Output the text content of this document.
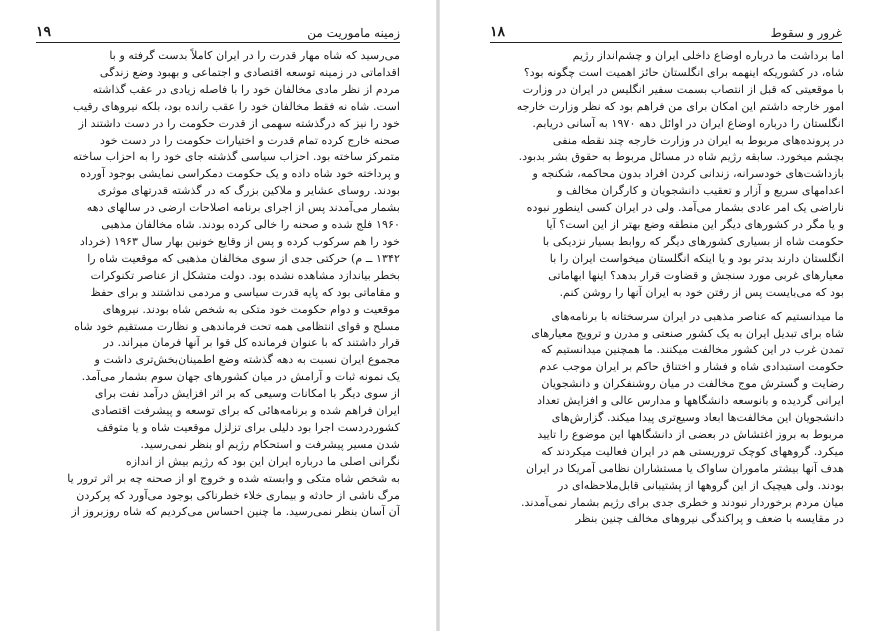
زمینه ماموریت من
۱۹
می‌رسید که شاه مهار قدرت را در ایران کاملاً بدست گرفته و با
اقداماتی در زمینه توسعه اقتصادی و اجتماعی و بهبود وضع زندگی
مردم از نظر مادی مخالفان خود را با فاصله زیادی در عقب گذاشته
است. شاه نه فقط مخالفان خود را عقب رانده بود، بلکه نیروهای رقیب
خود را نیز که درگذشته سهمی از قدرت حکومت را در دست داشتند از
صحنه خارج کرده تمام قدرت و اختیارات حکومت را در دست خود
متمرکز ساخته بود. احزاب سیاسی گذشته جای خود را به احزاب ساخته
و پرداخته خود شاه داده و یک حکومت دمکراسی نمایشی بوجود آورده
بودند. روسای عشایر و ملاکین بزرگ که در گذشته قدرتهای موثری
بشمار می‌آمدند پس از اجرای برنامه اصلاحات ارضی در سالهای دهه
۱۹۶۰ فلج شده و صحنه را خالی کرده بودند. شاه مخالفان مذهبی
خود را هم سرکوب کرده و پس از وقایع خونین بهار سال ۱۹۶۳ (خرداد
۱۳۴۲ ــ م) حرکتی جدی از سوی مخالفان مذهبی که موقعیت شاه را
بخطر بیاندازد مشاهده نشده بود. دولت متشکل از عناصر تکنوکرات
و مقاماتی بود که پایه قدرت سیاسی و مردمی نداشتند و برای حفظ
موقعیت و دوام حکومت خود متکی به شخص شاه بودند. نیروهای
مسلح و قوای انتظامی همه تحت فرماندهی و نظارت مستقیم خود شاه
قرار داشتند که با عنوان فرمانده کل قوا بر آنها فرمان میراند. در
مجموع ایران نسبت به دهه گذشته وضع اطمینان‌بخش‌تری داشت و
یک نمونه ثبات و آرامش در میان کشورهای جهان سوم بشمار می‌آمد.
از سوی دیگر با امکانات وسیعی که بر اثر افزایش درآمد نفت برای
ایران فراهم شده و برنامه‌هائی که برای توسعه و پیشرفت اقتصادی
کشوردردست اجرا بود دلیلی برای تزلزل موقعیت شاه و یا متوقف
شدن مسیر پیشرفت و استحکام رژیم او بنظر نمی‌رسید.
نگرانی اصلی ما درباره ایران این بود که رژیم بیش از اندازه
به شخص شاه متکی و وابسته شده و خروج او از صحنه چه بر اثر ترور یا
مرگ ناشی از حادثه و بیماری خلاء خطرناکی بوجود می‌آورد که پرکردن
آن آسان بنظر نمی‌رسید. ما چنین احساس می‌کردیم که شاه روزبروز از
غرور و سقوط
۱۸
اما برداشت ما درباره اوضاع داخلی ایران و چشم‌انداز رژیم
شاه، در کشوریکه اینهمه برای انگلستان حائز اهمیت است چگونه بود؟
با موقعیتی که قبل از انتصاب بسمت سفیر انگلیس در ایران در وزارت
امور خارجه داشتم این امکان برای من فراهم بود که نظر وزارت خارجه
انگلستان را درباره اوضاع ایران در اوائل دهه ۱۹۷۰ به آسانی دریابم.
در پرونده‌های مربوط به ایران در وزارت خارجه چند نقطه منفی
بچشم میخورد. سابقه رژیم شاه در مسائل مربوط به حقوق بشر بدبود.
بازداشت‌های خودسرانه، زندانی کردن افراد بدون محاکمه، شکنجه و
اعدامهای سریع و آزار و تعقیب دانشجویان و کارگران مخالف و
ناراضی یک امر عادی بشمار می‌آمد. ولی در ایران کسی اینطور نبوده
و یا مگر در کشورهای دیگر این منطقه وضع بهتر از این است؟ آیا
حکومت شاه از بسیاری کشورهای دیگر که روابط بسیار نزدیکی با
انگلستان دارند بدتر بود و یا اینکه انگلستان میخواست ایران را با
معیارهای غربی مورد سنجش و قضاوت قرار بدهد؟ اینها ابهاماتی
بود که می‌بایست پس از رفتن خود به ایران آنها را روشن کنم.
ما میدانستیم که عناصر مذهبی در ایران سرسختانه با برنامه‌های
شاه برای تبدیل ایران به یک کشور صنعتی و مدرن و ترویج معیارهای
تمدن غرب در این کشور مخالفت میکنند. ما همچنین میدانستیم که
حکومت استبدادی شاه و فشار و اختناق حاکم بر ایران موجب عدم
رضایت و گسترش موج مخالفت در میان روشنفکران و دانشجویان
ایرانی گردیده و بانوسعه دانشگاهها و مدارس عالی و افزایش تعداد
دانشجویان این مخالفت‌ها ابعاد وسیع‌تری پیدا میکند. گزارش‌های
مربوط به بروز اغتشاش در بعضی از دانشگاهها این موضوع را تایید
میکرد. گروههای کوچک تروریستی هم در ایران فعالیت میکردند که
هدف آنها بیشتر ماموران ساواک یا مستشاران نظامی آمریکا در ایران
بودند. ولی هیچیک از این گروهها از پشتیبانی قابل‌ملاحظه‌ای در
میان مردم برخوردار نبودند و خطری جدی برای رژیم بشمار نمی‌آمدند.
در مقایسه با ضعف و پراکندگی نیروهای مخالف چنین بنظر
